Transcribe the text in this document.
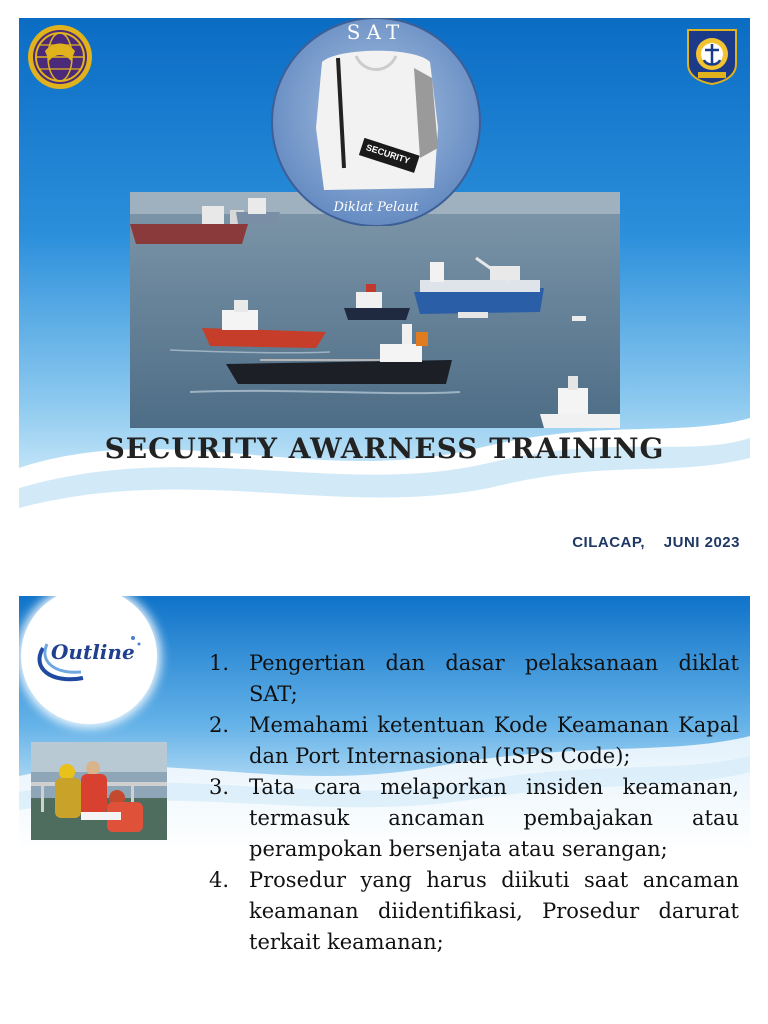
SAT
SECURITY
Diklat Pelaut
SECURITY AWARNESS TRAINING
CILACAP, JUNI 2023
Outline	1. Pengertian dan dasar pelaksanaan diklat SAT;
2. Memahami ketentuan Kode Keamanan Kapal dan Port Internasional (ISPS Code);
3. Tata cara melaporkan insiden keamanan, termasuk ancaman pembajakan atau perampokan bersenjata atau serangan;
4. Prosedur yang harus diikuti saat ancaman keamanan diidentifikasi, Prosedur darurat terkait keamanan;
